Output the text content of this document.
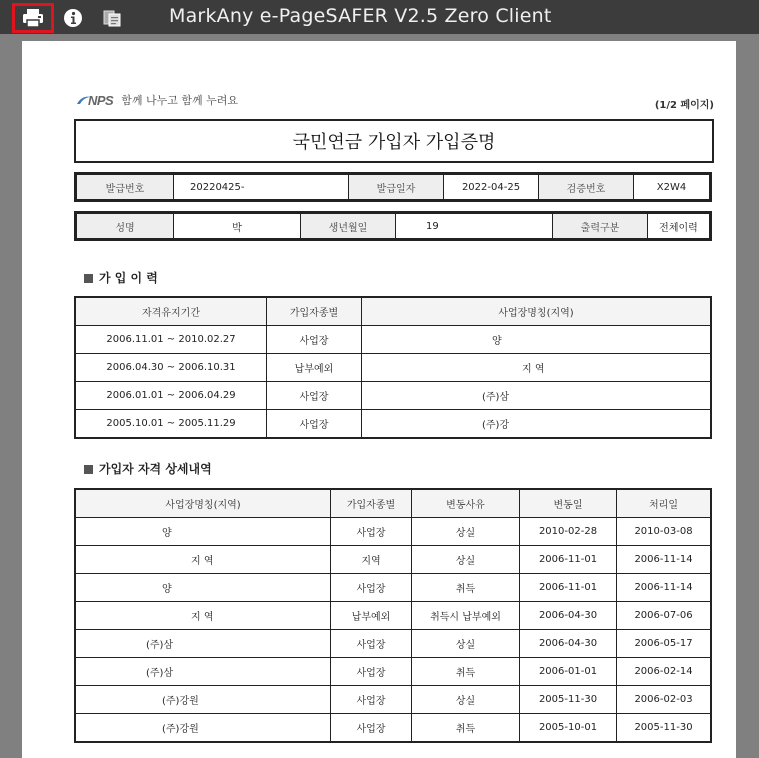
MarkAny e-PageSAFER V2.5 Zero Client
NPS 함께 나누고 함께 누려요	(1/2 페이지)
국민연금 가입자 가입증명
발급번호	20220425-	발급일자	2022-04-25	검증번호	X2W4
성명	박	생년월일	19	출력구분	전체이력
가 입 이 력
자격유지기간	가입자종별	사업장명칭(지역)
2006.11.01 ~ 2010.02.27	사업장	양
2006.04.30 ~ 2006.10.31	납부예외	지 역
2006.01.01 ~ 2006.04.29	사업장	(주)삼
2005.10.01 ~ 2005.11.29	사업장	(주)강
가입자 자격 상세내역
사업장명칭(지역)	가입자종별	변동사유	변동일	처리일
양	사업장	상실	2010-02-28	2010-03-08
지 역	지역	상실	2006-11-01	2006-11-14
양	사업장	취득	2006-11-01	2006-11-14
지 역	납부예외	취득시 납부예외	2006-04-30	2006-07-06
(주)삼	사업장	상실	2006-04-30	2006-05-17
(주)삼	사업장	취득	2006-01-01	2006-02-14
(주)강원	사업장	상실	2005-11-30	2006-02-03
(주)강원	사업장	취득	2005-10-01	2005-11-30
